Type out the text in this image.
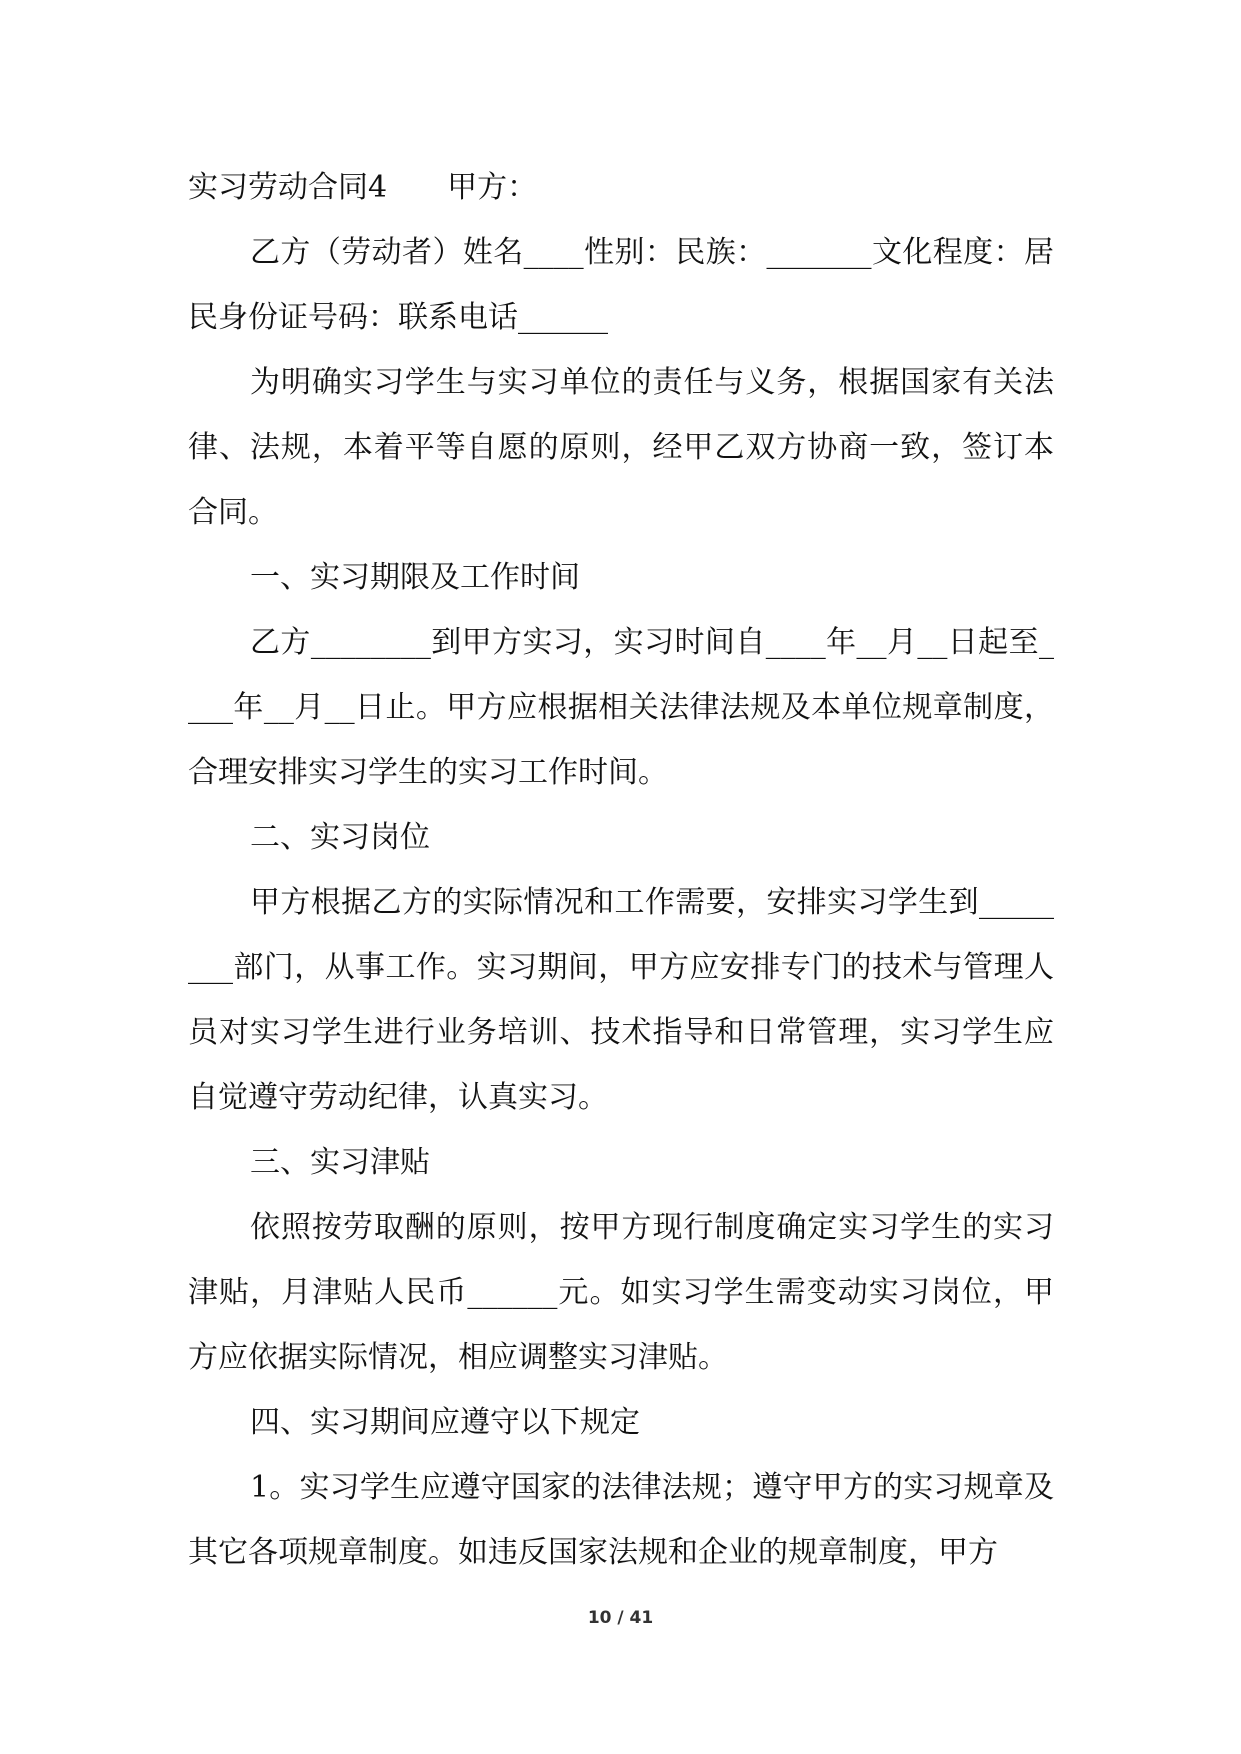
实习劳动合同4　　甲方：

乙方（劳动者）姓名____性别：民族：_______文化程度：居民身份证号码：联系电话______

为明确实习学生与实习单位的责任与义务，根据国家有关法律、法规，本着平等自愿的原则，经甲乙双方协商一致，签订本合同。

一、实习期限及工作时间

乙方________到甲方实习，实习时间自____年__月__日起至____年__月__日止。甲方应根据相关法律法规及本单位规章制度，合理安排实习学生的实习工作时间。

二、实习岗位

甲方根据乙方的实际情况和工作需要，安排实习学生到________部门，从事工作。实习期间，甲方应安排专门的技术与管理人员对实习学生进行业务培训、技术指导和日常管理，实习学生应自觉遵守劳动纪律，认真实习。

三、实习津贴

依照按劳取酬的原则，按甲方现行制度确定实习学生的实习津贴，月津贴人民币______元。如实习学生需变动实习岗位，甲方应依据实际情况，相应调整实习津贴。

四、实习期间应遵守以下规定

1。实习学生应遵守国家的法律法规；遵守甲方的实习规章及其它各项规章制度。如违反国家法规和企业的规章制度，甲方

10 / 41
